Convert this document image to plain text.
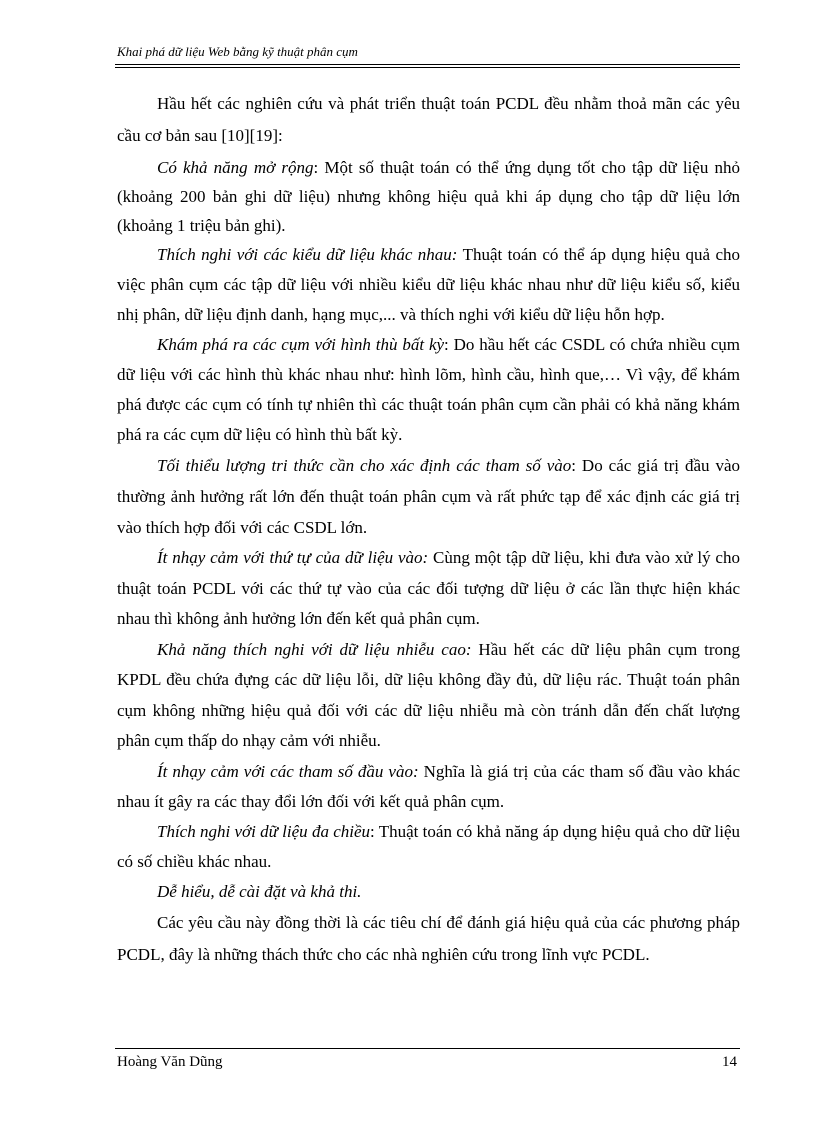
Khai phá dữ liệu Web bằng kỹ thuật phân cụm

Hầu hết các nghiên cứu và phát triển thuật toán PCDL đều nhằm thoả mãn các yêu cầu cơ bản sau [10][19]:

Có khả năng mở rộng: Một số thuật toán có thể ứng dụng tốt cho tập dữ liệu nhỏ (khoảng 200 bản ghi dữ liệu) nhưng không hiệu quả khi áp dụng cho tập dữ liệu lớn (khoảng 1 triệu bản ghi).

Thích nghi với các kiểu dữ liệu khác nhau: Thuật toán có thể áp dụng hiệu quả cho việc phân cụm các tập dữ liệu với nhiều kiểu dữ liệu khác nhau như dữ liệu kiểu số, kiểu nhị phân, dữ liệu định danh, hạng mục,... và thích nghi với kiểu dữ liệu hỗn hợp.

Khám phá ra các cụm với hình thù bất kỳ: Do hầu hết các CSDL có chứa nhiều cụm dữ liệu với các hình thù khác nhau như: hình lõm, hình cầu, hình que,… Vì vậy, để khám phá được các cụm có tính tự nhiên thì các thuật toán phân cụm cần phải có khả năng khám phá ra các cụm dữ liệu có hình thù bất kỳ.

Tối thiểu lượng tri thức cần cho xác định các tham số vào: Do các giá trị đầu vào thường ảnh hưởng rất lớn đến thuật toán phân cụm và rất phức tạp để xác định các giá trị vào thích hợp đối với các CSDL lớn.

Ít nhạy cảm với thứ tự của dữ liệu vào: Cùng một tập dữ liệu, khi đưa vào xử lý cho thuật toán PCDL với các thứ tự vào của các đối tượng dữ liệu ở các lần thực hiện khác nhau thì không ảnh hưởng lớn đến kết quả phân cụm.

Khả năng thích nghi với dữ liệu nhiễu cao: Hầu hết các dữ liệu phân cụm trong KPDL đều chứa đựng các dữ liệu lỗi, dữ liệu không đầy đủ, dữ liệu rác. Thuật toán phân cụm không những hiệu quả đối với các dữ liệu nhiễu mà còn tránh dẫn đến chất lượng phân cụm thấp do nhạy cảm với nhiễu.

Ít nhạy cảm với các tham số đầu vào: Nghĩa là giá trị của các tham số đầu vào khác nhau ít gây ra các thay đổi lớn đối với kết quả phân cụm.

Thích nghi với dữ liệu đa chiều: Thuật toán có khả năng áp dụng hiệu quả cho dữ liệu có số chiều khác nhau.

Dễ hiểu, dễ cài đặt và khả thi.

Các yêu cầu này đồng thời là các tiêu chí để đánh giá hiệu quả của các phương pháp PCDL, đây là những thách thức cho các nhà nghiên cứu trong lĩnh vực PCDL.

Hoàng Văn Dũng	14
